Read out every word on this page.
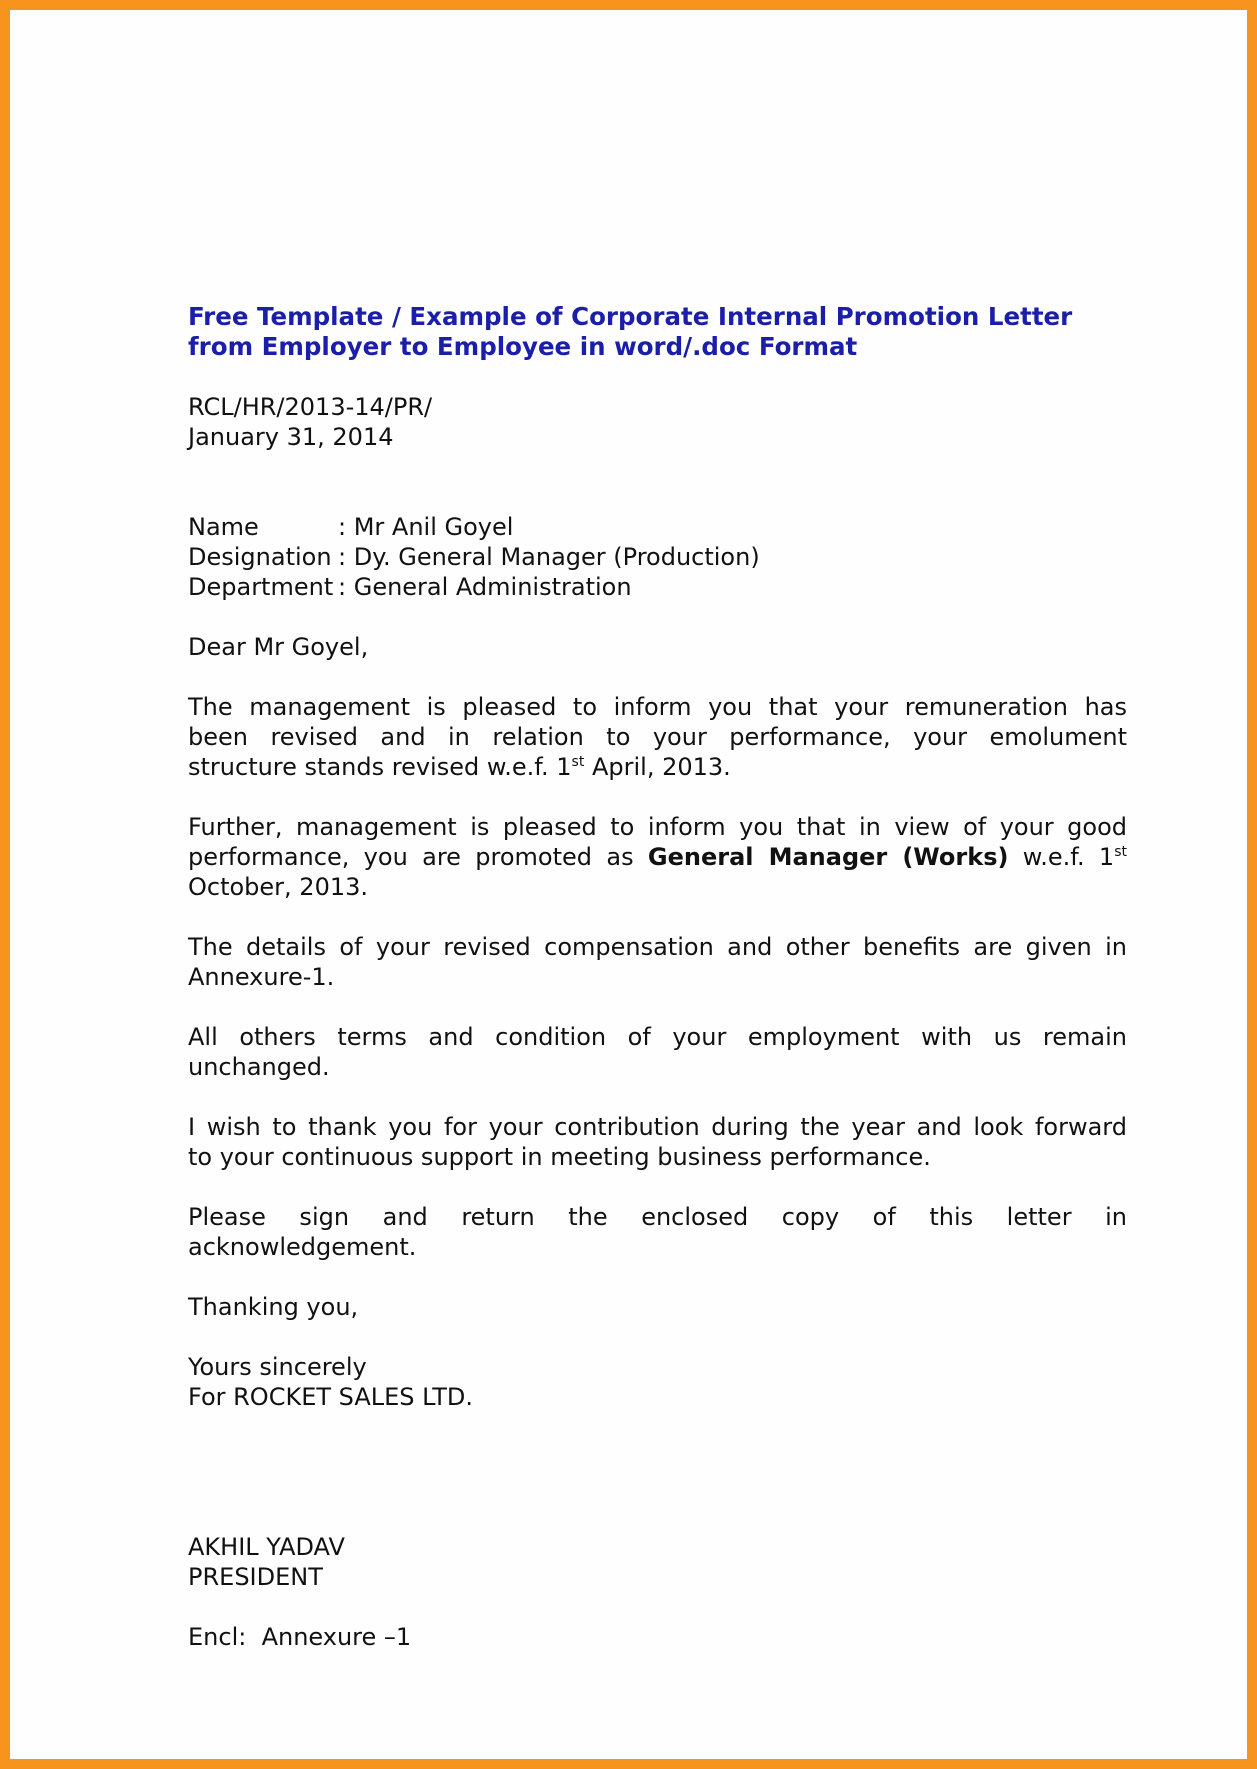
Free Template / Example of Corporate Internal Promotion Letter
from Employer to Employee in word/.doc Format
RCL/HR/2013-14/PR/
January 31, 2014
Name	: Mr Anil Goyel
Designation : Dy. General Manager (Production)
Department : General Administration
Dear Mr Goyel,
The management is pleased to inform you that your remuneration has
been revised and in relation to your performance, your emolument
structure stands revised w.e.f. 1st April, 2013.
Further, management is pleased to inform you that in view of your good
performance, you are promoted as General Manager (Works) w.e.f. 1st
October, 2013.
The details of your revised compensation and other benefits are given in
Annexure-1.
All others terms and condition of your employment with us remain
unchanged.
I wish to thank you for your contribution during the year and look forward
to your continuous support in meeting business performance.
Please sign and return the enclosed copy of this letter in
acknowledgement.
Thanking you,
Yours sincerely
For ROCKET SALES LTD.
AKHIL YADAV
PRESIDENT
Encl:  Annexure –1
